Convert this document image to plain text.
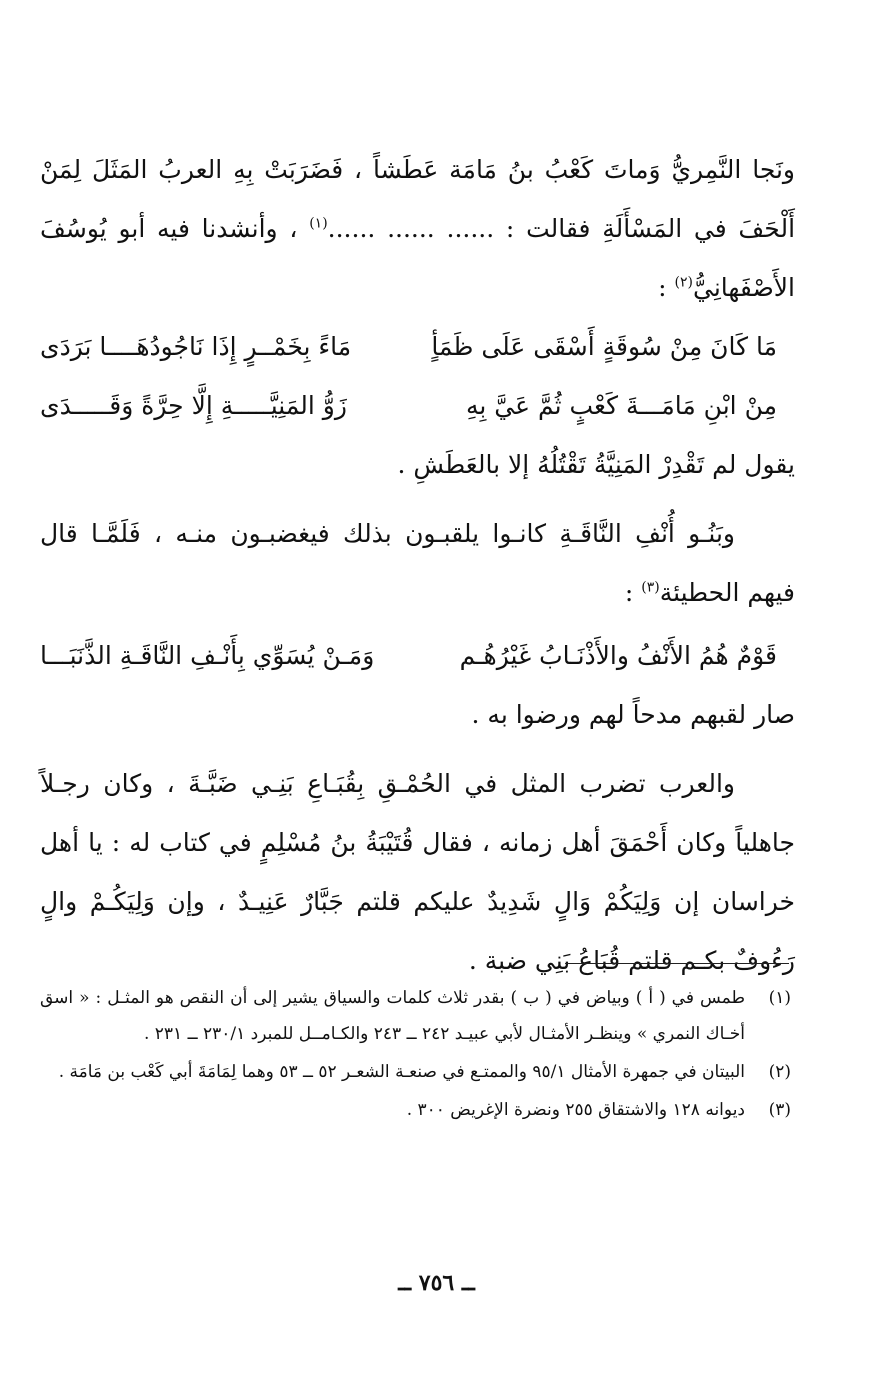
ونَجا النَّمِريُّ وَماتَ كَعْبُ بنُ مَامَة عَطَشاً ، فَضَرَبَتْ بِهِ العربُ المَثَلَ لِمَنْ أَلْحَفَ في المَسْأَلَةِ فقالت : ...... ...... ......$^{(١)}$ ، وأنشدنا فيه أبو يُوسُفَ الأَصْفَهانِيُّ$^{(٢)}$ :

مَا كَانَ مِنْ سُوقَةٍ أَسْقَى عَلَى ظَمَأٍ
مَاءً بِخَمْــرٍ إِذَا نَاجُودُهَــــا بَرَدَى
مِنْ ابْنِ مَامَـــةَ كَعْبٍ ثُمَّ عَيَّ بِهِ
زَوُّ المَنِيَّـــــةِ إِلَّا حِرَّةً وَقَـــــدَى

يقول لم تَقْدِرْ المَنِيَّةُ تَقْتُلُهُ إلا بالعَطَشِ .

وبَنُـو أُنْفِ النَّاقَـةِ كانـوا يلقبـون بذلك فيغضبـون منـه ، فَلَمَّـا قال فيهم الحطيئة$^{(٣)}$ :

قَوْمٌ هُمُ الأَنْفُ والأَذْنَـابُ غَيْرُهُـم
وَمَـنْ يُسَوِّي بِأَنْـفِ النَّاقَـةِ الذَّنَبَـــا

صار لقبهم مدحاً لهم ورضوا به .

والعرب تضرب المثل في الحُمْـقِ بِقُبَـاعِ بَنِـي ضَبَّـةَ ، وكان رجـلاً جاهلياً وكان أَحْمَقَ أهل زمانه ، فقال قُتَيْبَةُ بنُ مُسْلِمٍ في كتاب له : يا أهل خراسان إن وَلِيَكُمْ وَالٍ شَدِيدٌ عليكم قلتم جَبَّارٌ عَنِيـدٌ ، وإن وَلِيَكُـمْ والٍ رَءُوفٌ بكـم قلتم قُبَاعُ بَنِي ضبة .

(١)
طمس في ( أ ) وبياض في ( ب ) بقدر ثلاث كلمات والسياق يشير إلى أن النقص هو المثـل : « اسق أخـاك النمري » وينظـر الأمثـال لأبي عبيـد ٢٤٢ ــ ٢٤٣ والكـامــل للمبرد ٢٣٠/١ ــ ٢٣١ .
(٢)
البيتان في جمهرة الأمثال ٩٥/١ والممتـع في صنعـة الشعـر ٥٢ ــ ٥٣ وهما لِمَامَةَ أبي كَعْب بن مَامَة .
(٣)
ديوانه ١٢٨ والاشتقاق ٢٥٥ ونضرة الإغريض ٣٠٠ .
ــ ٧٥٦ ــ
